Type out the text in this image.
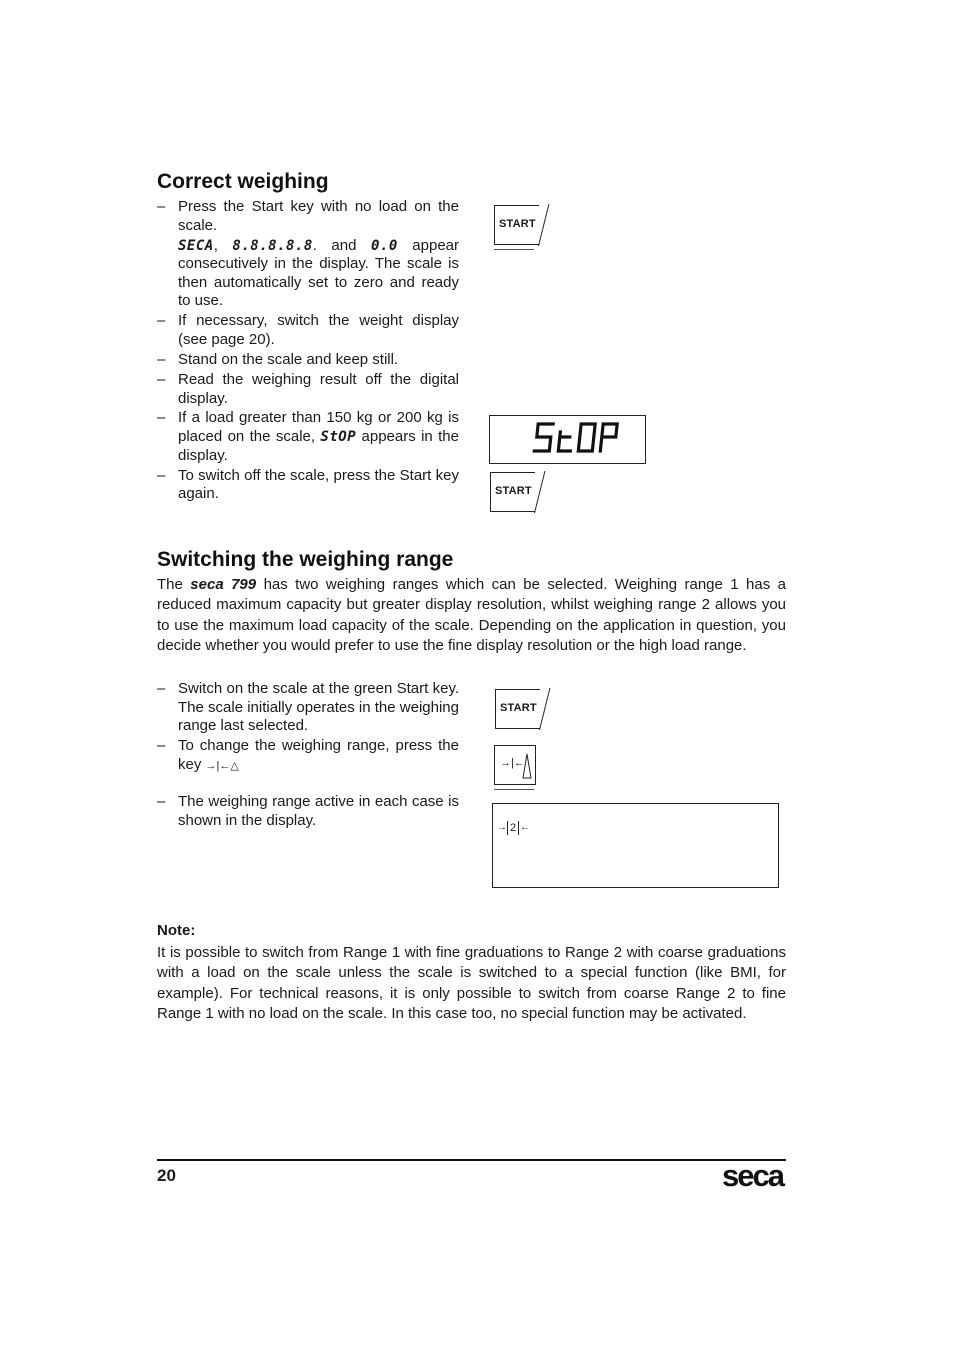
Correct weighing
– Press the Start key with no load on the scale.
SECA, 8.8.8.8.8. and 0.0 appear consecutively in the display. The scale is then automatically set to zero and ready to use.
– If necessary, switch the weight display (see page 20).
– Stand on the scale and keep still.
– Read the weighing result off the digital display.
– If a load greater than 150 kg or 200 kg is placed on the scale, StOP appears in the display.
– To switch off the scale, press the Start key again.
START
START
Switching the weighing range

The seca 799 has two weighing ranges which can be selected. Weighing range 1 has a reduced maximum capacity but greater display resolution, whilst weighing range 2 allows you to use the maximum load capacity of the scale. Depending on the application in question, you decide whether you would prefer to use the fine display resolution or the high load range.

– Switch on the scale at the green Start key. The scale initially operates in the weighing range last selected.
– To change the weighing range, press the key →|←△
– The weighing range active in each case is shown in the display.
START
→|←
→ 2 ←
Note:

It is possible to switch from Range 1 with fine graduations to Range 2 with coarse graduations with a load on the scale unless the scale is switched to a special function (like BMI, for example). For technical reasons, it is only possible to switch from coarse Range 2 to fine Range 1 with no load on the scale. In this case too, no special function may be activated.

20	seca
